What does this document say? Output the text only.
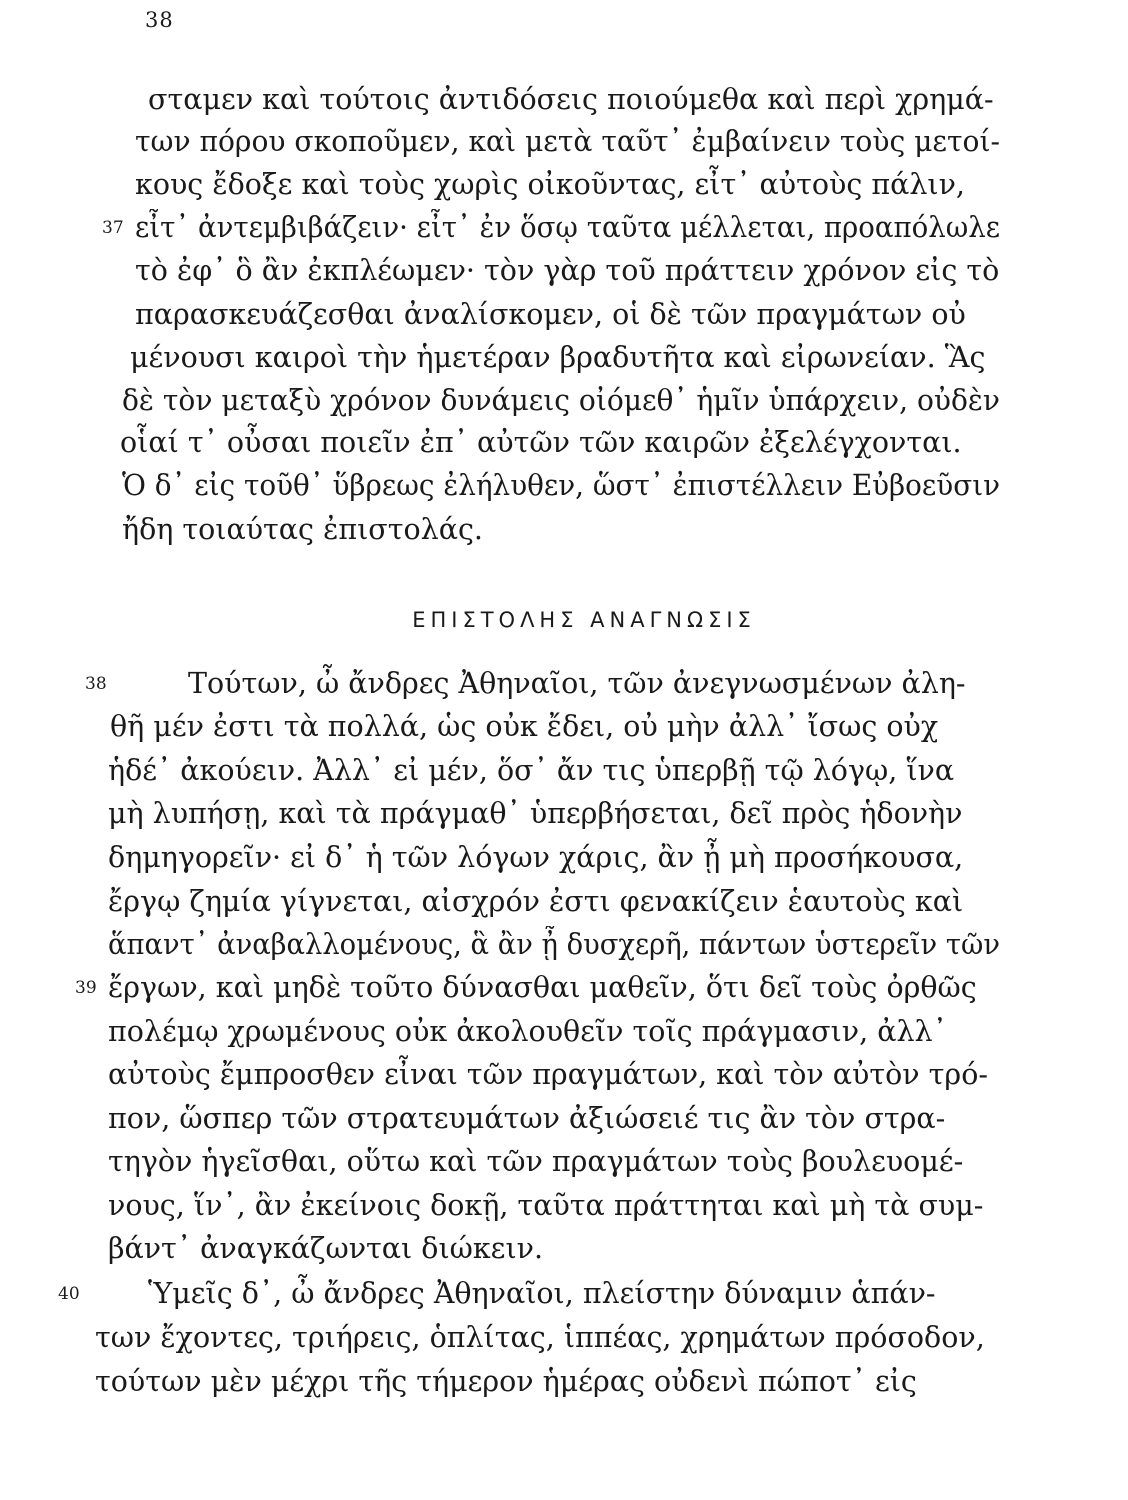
38
σταμεν καὶ τούτοις ἀντιδόσεις ποιούμεθα καὶ περὶ χρημά-
των πόρου σκοποῦμεν, καὶ μετὰ ταῦτ᾽ ἐμβαίνειν τοὺς μετοί-
κους ἔδοξε καὶ τοὺς χωρὶς οἰκοῦντας, εἶτ᾽ αὐτοὺς πάλιν,
37 εἶτ᾽ ἀντεμβιβάζειν· εἶτ᾽ ἐν ὅσῳ ταῦτα μέλλεται, προαπόλωλε
τὸ ἐφ᾽ ὃ ἂν ἐκπλέωμεν· τὸν γὰρ τοῦ πράττειν χρόνον εἰς τὸ
παρασκευάζεσθαι ἀναλίσκομεν, οἱ δὲ τῶν πραγμάτων οὐ
μένουσι καιροὶ τὴν ἡμετέραν βραδυτῆτα καὶ εἰρωνείαν. Ἃς
δὲ τὸν μεταξὺ χρόνον δυνάμεις οἰόμεθ᾽ ἡμῖν ὑπάρχειν, οὐδὲν
οἷαί τ᾽ οὖσαι ποιεῖν ἐπ᾽ αὐτῶν τῶν καιρῶν ἐξελέγχονται.
Ὁ δ᾽ εἰς τοῦθ᾽ ὕβρεως ἐλήλυθεν, ὥστ᾽ ἐπιστέλλειν Εὐβοεῦσιν
ἤδη τοιαύτας ἐπιστολάς.
ΕΠΙΣΤΟΛΗΣ ΑΝΑΓΝΩΣΙΣ
38	Τούτων, ὦ ἄνδρες Ἀθηναῖοι, τῶν ἀνεγνωσμένων ἀλη-
θῆ μέν ἐστι τὰ πολλά, ὡς οὐκ ἔδει, οὐ μὴν ἀλλ᾽ ἴσως οὐχ
ἡδέ᾽ ἀκούειν. Ἀλλ᾽ εἰ μέν, ὅσ᾽ ἄν τις ὑπερβῇ τῷ λόγῳ, ἵνα
μὴ λυπήσῃ, καὶ τὰ πράγμαθ᾽ ὑπερβήσεται, δεῖ πρὸς ἡδονὴν
δημηγορεῖν· εἰ δ᾽ ἡ τῶν λόγων χάρις, ἂν ᾖ μὴ προσήκουσα,
ἔργῳ ζημία γίγνεται, αἰσχρόν ἐστι φενακίζειν ἑαυτοὺς καὶ
ἅπαντ᾽ ἀναβαλλομένους, ἃ ἂν ᾖ δυσχερῆ, πάντων ὑστερεῖν τῶν
39 ἔργων, καὶ μηδὲ τοῦτο δύνασθαι μαθεῖν, ὅτι δεῖ τοὺς ὀρθῶς
πολέμῳ χρωμένους οὐκ ἀκολουθεῖν τοῖς πράγμασιν, ἀλλ᾽
αὐτοὺς ἔμπροσθεν εἶναι τῶν πραγμάτων, καὶ τὸν αὐτὸν τρό-
πον, ὥσπερ τῶν στρατευμάτων ἀξιώσειέ τις ἂν τὸν στρα-
τηγὸν ἡγεῖσθαι, οὕτω καὶ τῶν πραγμάτων τοὺς βουλευομέ-
νους, ἵν᾽, ἂν ἐκείνοις δοκῇ, ταῦτα πράττηται καὶ μὴ τὰ συμ-
βάντ᾽ ἀναγκάζωνται διώκειν.
40 Ὑμεῖς δ᾽, ὦ ἄνδρες Ἀθηναῖοι, πλείστην δύναμιν ἁπάν-
των ἔχοντες, τριήρεις, ὁπλίτας, ἱππέας, χρημάτων πρόσοδον,
τούτων μὲν μέχρι τῆς τήμερον ἡμέρας οὐδενὶ πώποτ᾽ εἰς
